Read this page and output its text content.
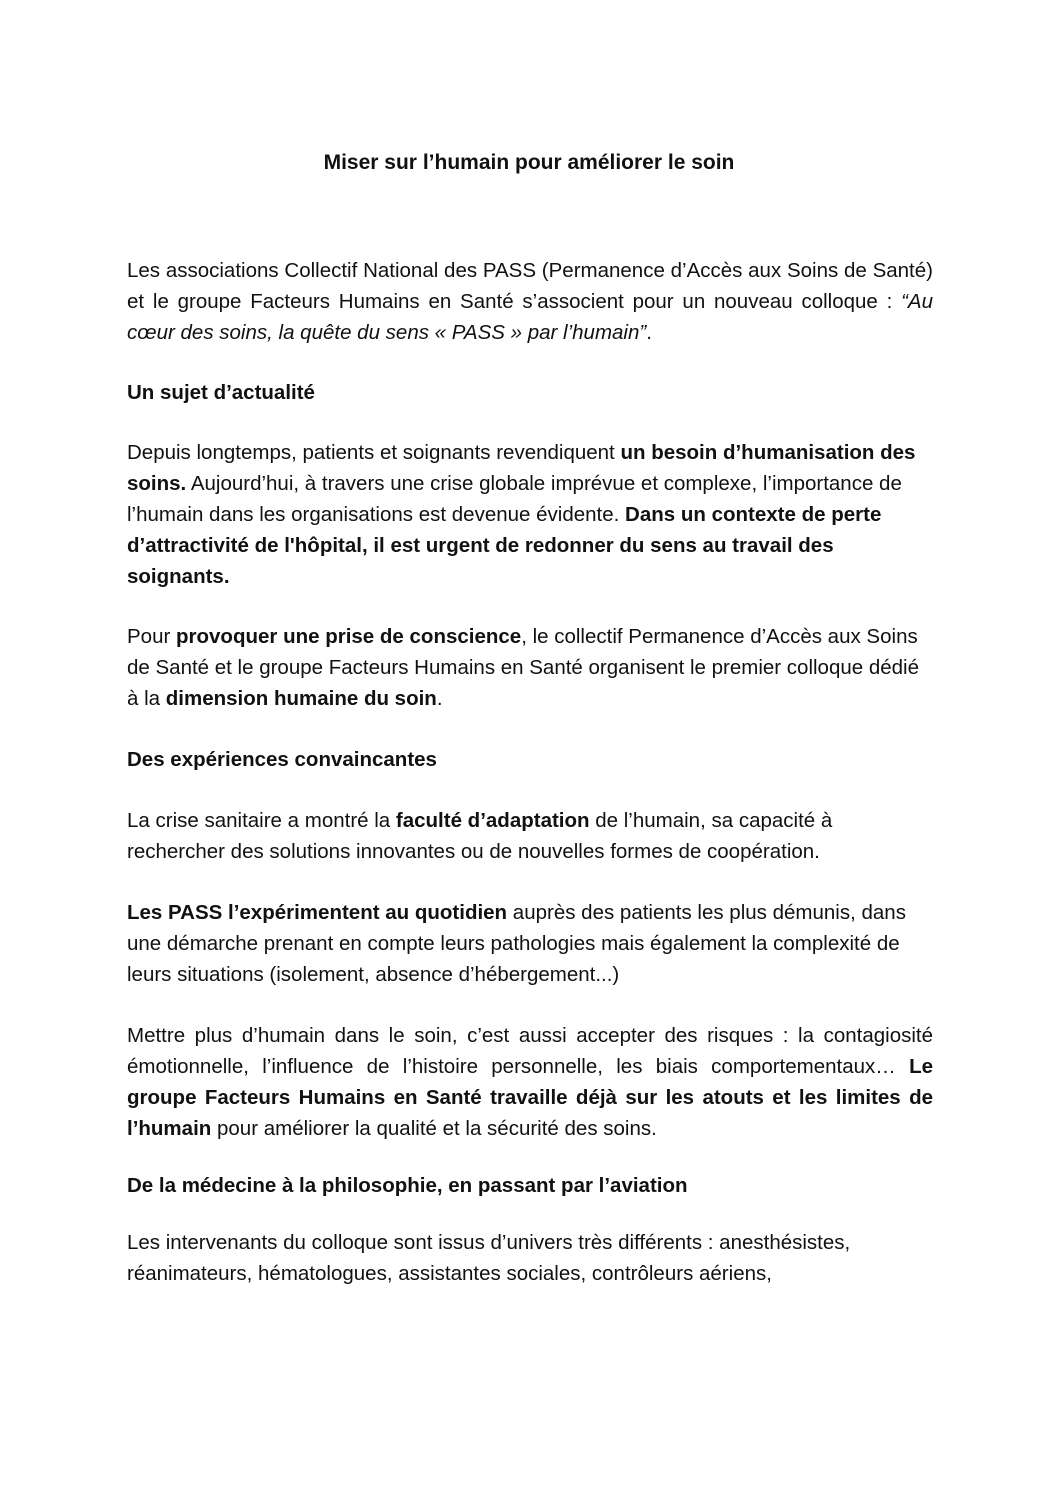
Miser sur l’humain pour améliorer le soin

Les associations Collectif National des PASS (Permanence d’Accès aux Soins de Santé) et le groupe Facteurs Humains en Santé s’associent pour un nouveau colloque : “Au cœur des soins, la quête du sens « PASS » par l’humain”.

Un sujet d’actualité

Depuis longtemps, patients et soignants revendiquent un besoin d’humanisation des soins. Aujourd’hui, à travers une crise globale imprévue et complexe, l’importance de l’humain dans les organisations est devenue évidente. Dans un contexte de perte d’attractivité de l'hôpital, il est urgent de redonner du sens au travail des soignants.

Pour provoquer une prise de conscience, le collectif Permanence d’Accès aux Soins de Santé et le groupe Facteurs Humains en Santé organisent le premier colloque dédié à la dimension humaine du soin.

Des expériences convaincantes

La crise sanitaire a montré la faculté d’adaptation de l’humain, sa capacité à rechercher des solutions innovantes ou de nouvelles formes de coopération.

Les PASS l’expérimentent au quotidien auprès des patients les plus démunis, dans une démarche prenant en compte leurs pathologies mais également la complexité de leurs situations (isolement, absence d’hébergement...)

Mettre plus d’humain dans le soin, c’est aussi accepter des risques : la contagiosité émotionnelle, l’influence de l’histoire personnelle, les biais comportementaux… Le groupe Facteurs Humains en Santé travaille déjà sur les atouts et les limites de l’humain pour améliorer la qualité et la sécurité des soins.

De la médecine à la philosophie, en passant par l’aviation

Les intervenants du colloque sont issus d’univers très différents : anesthésistes, réanimateurs, hématologues, assistantes sociales, contrôleurs aériens,
